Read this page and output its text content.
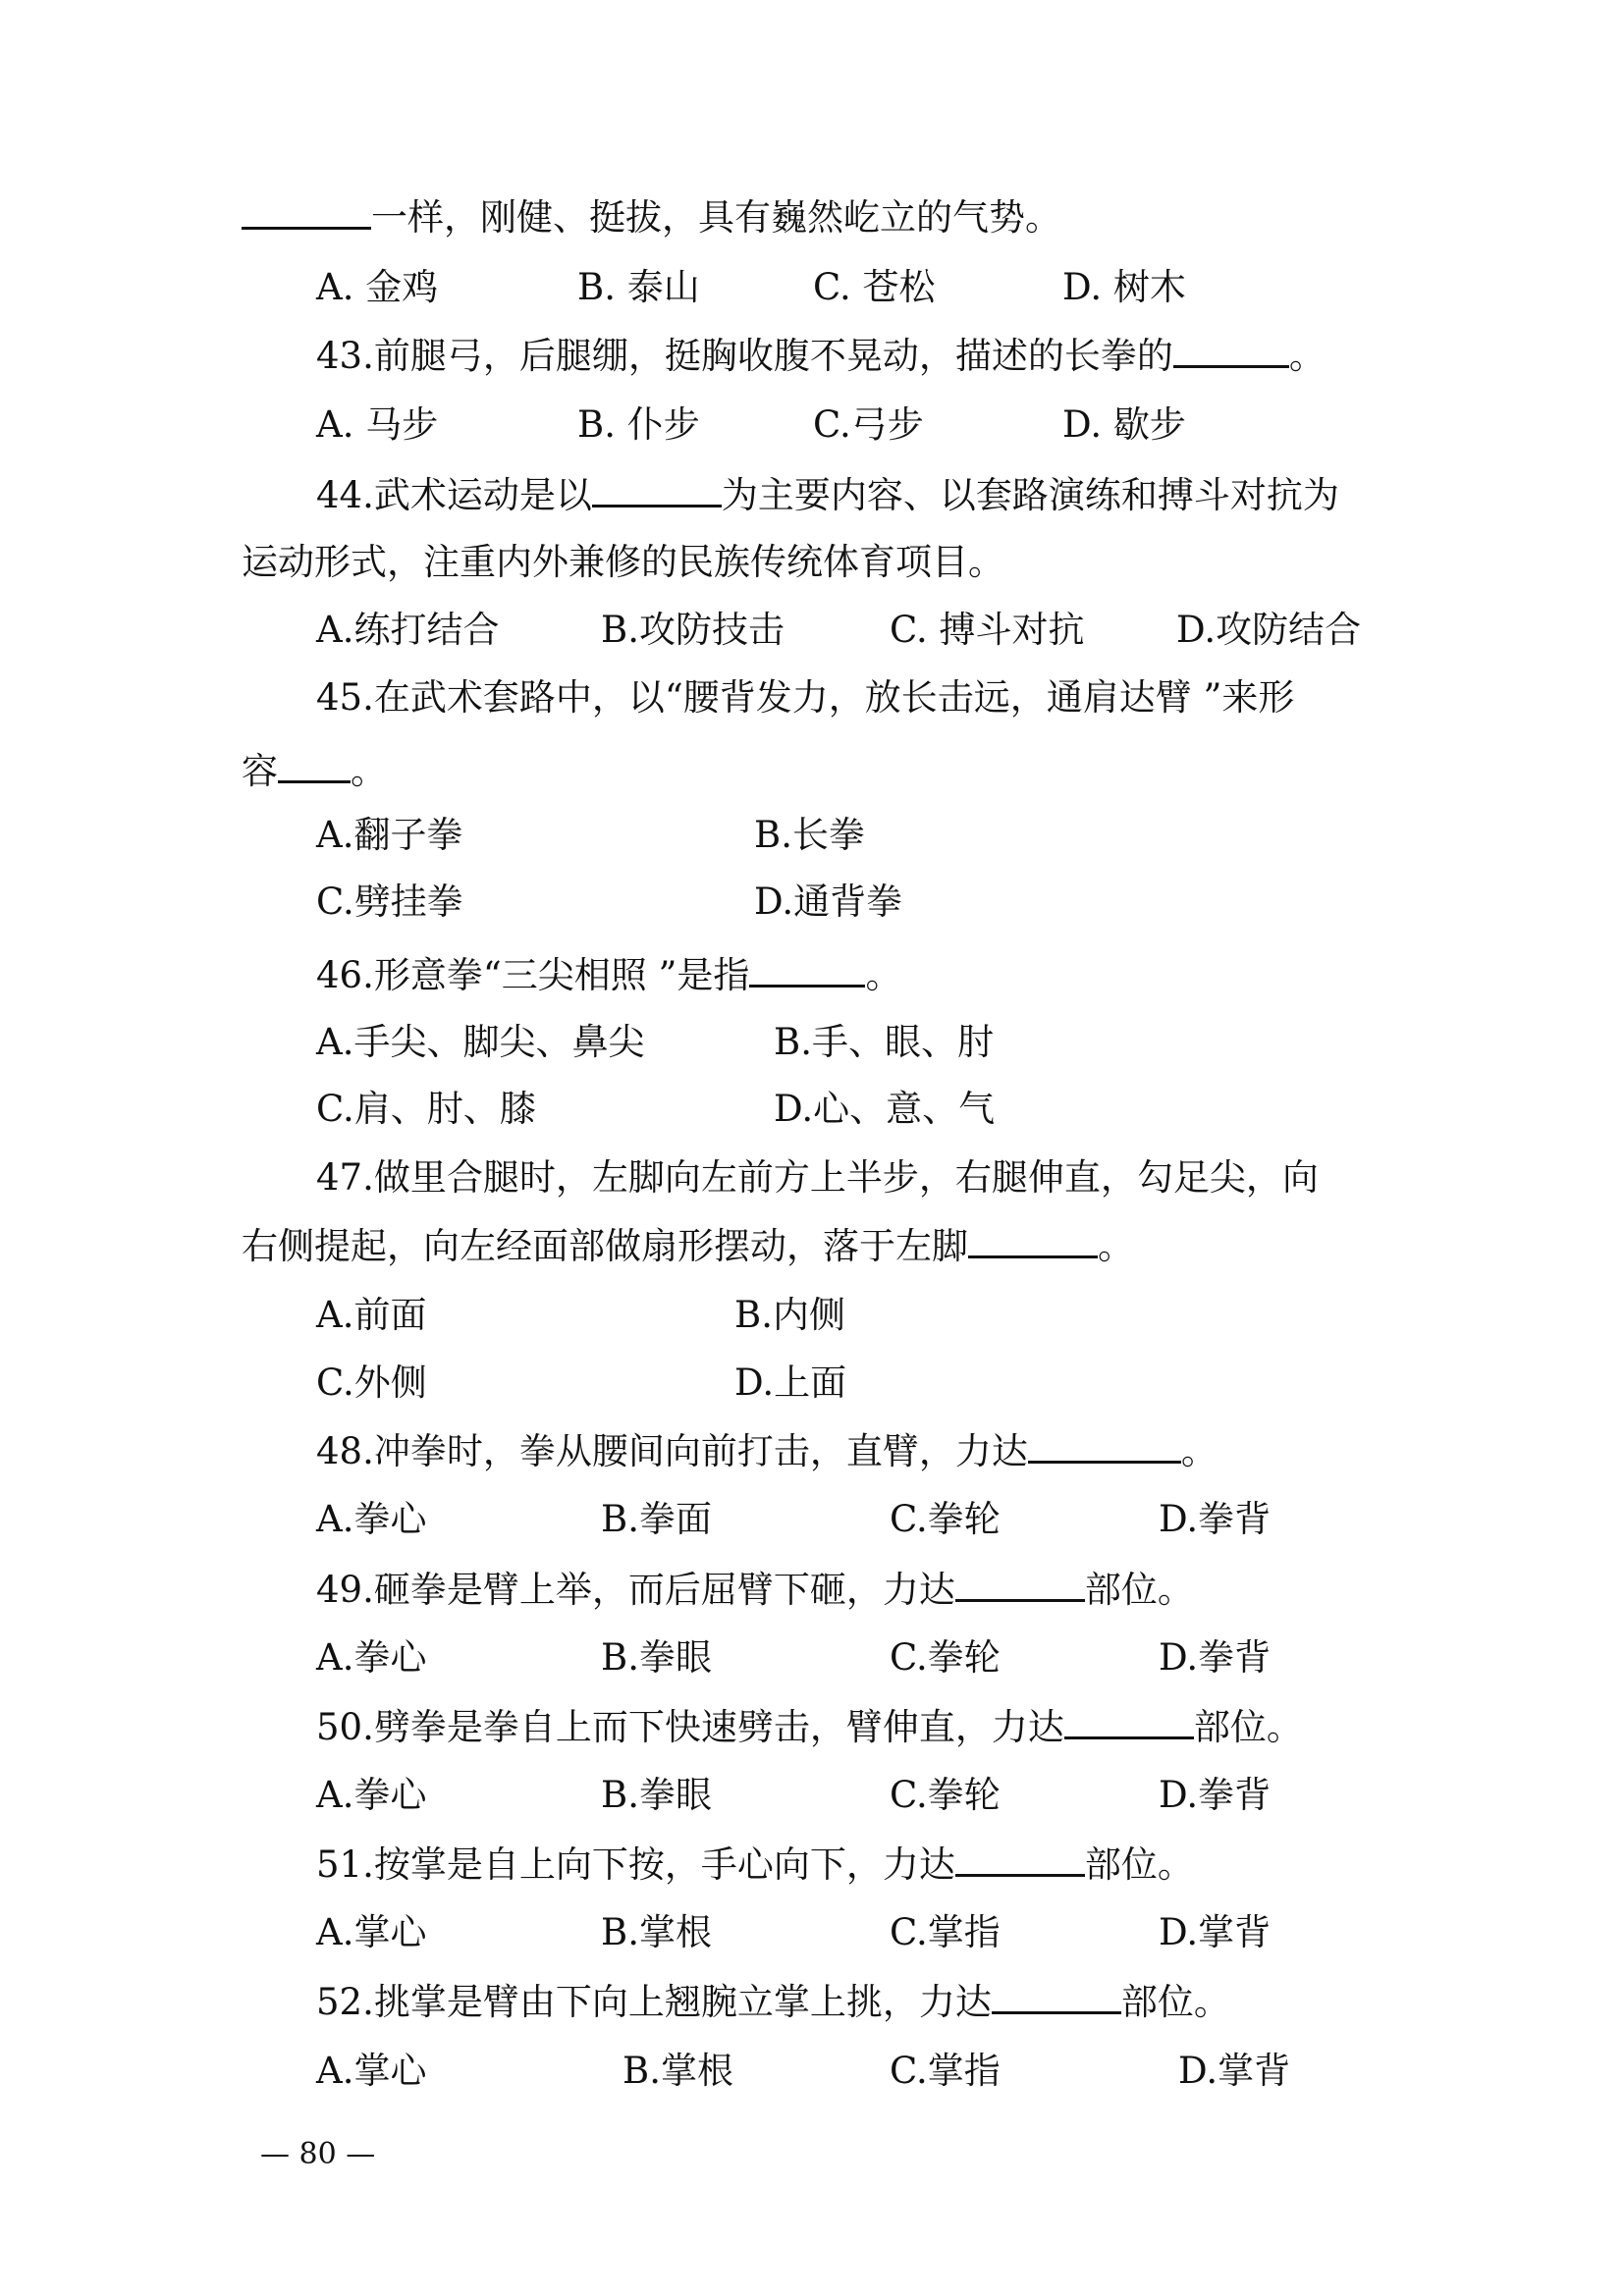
一样，刚健、挺拔，具有巍然屹立的气势。
A. 金鸡	B. 泰山	C. 苍松	D. 树木
43.前腿弓，后腿绷，挺胸收腹不晃动，描述的长拳的	。
A. 马步	B. 仆步	C.弓步	D. 歇步
44.武术运动是以	为主要内容、以套路演练和搏斗对抗为
运动形式，注重内外兼修的民族传统体育项目。
A.练打结合	B.攻防技击	C. 搏斗对抗	D.攻防结合
45.在武术套路中，以“腰背发力，放长击远，通肩达臂 ”来形
容 。
A.翻子拳	B.长拳
C.劈挂拳	D.通背拳
46.形意拳“三尖相照 ”是指	。
A.手尖、脚尖、鼻尖	B.手、眼、肘
C.肩、肘、膝	D.心、意、气
47.做里合腿时，左脚向左前方上半步，右腿伸直，勾足尖，向
右侧提起，向左经面部做扇形摆动，落于左脚	。
A.前面	B.内侧
C.外侧	D.上面
48.冲拳时，拳从腰间向前打击，直臂，力达	。
A.拳心	B.拳面	C.拳轮	D.拳背
49.砸拳是臂上举，而后屈臂下砸，力达	部位。
A.拳心	B.拳眼	C.拳轮	D.拳背
50.劈拳是拳自上而下快速劈击，臂伸直，力达	部位。
A.拳心	B.拳眼	C.拳轮	D.拳背
51.按掌是自上向下按，手心向下，力达	部位。
A.掌心	B.掌根	C.掌指	D.掌背
52.挑掌是臂由下向上翘腕立掌上挑，力达	部位。
A.掌心	B.掌根	C.掌指	D.掌背
— 80 —
